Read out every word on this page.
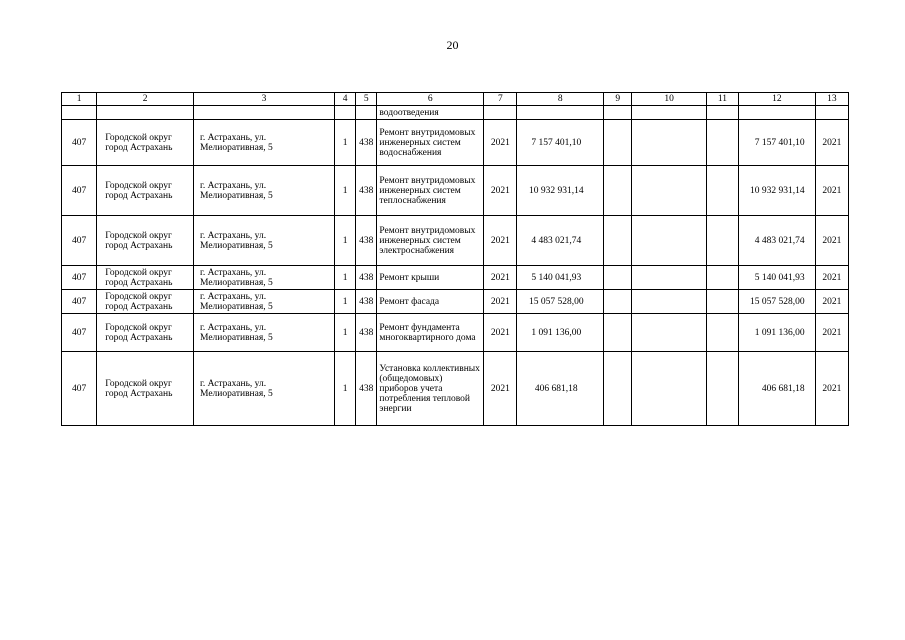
20
1	2	3	4	5	6	7	8	9	10	11	12	13
					водоотведения							
407	Городской округ город Астрахань	г. Астрахань, ул. Мелиоративная, 5	1	438	Ремонт внутридомовых инженерных систем водоснабжения	2021	7 157 401,10				7 157 401,10	2021
407	Городской округ город Астрахань	г. Астрахань, ул. Мелиоративная, 5	1	438	Ремонт внутридомовых инженерных систем теплоснабжения	2021	10 932 931,14				10 932 931,14	2021
407	Городской округ город Астрахань	г. Астрахань, ул. Мелиоративная, 5	1	438	Ремонт внутридомовых инженерных систем электроснабжения	2021	4 483 021,74				4 483 021,74	2021
407	Городской округ город Астрахань	г. Астрахань, ул. Мелиоративная, 5	1	438	Ремонт крыши	2021	5 140 041,93				5 140 041,93	2021
407	Городской округ город Астрахань	г. Астрахань, ул. Мелиоративная, 5	1	438	Ремонт фасада	2021	15 057 528,00				15 057 528,00	2021
407	Городской округ город Астрахань	г. Астрахань, ул. Мелиоративная, 5	1	438	Ремонт фундамента многоквартирного дома	2021	1 091 136,00				1 091 136,00	2021
407	Городской округ город Астрахань	г. Астрахань, ул. Мелиоративная, 5	1	438	Установка коллективных (общедомовых) приборов учета потребления тепловой энергии	2021	406 681,18				406 681,18	2021
